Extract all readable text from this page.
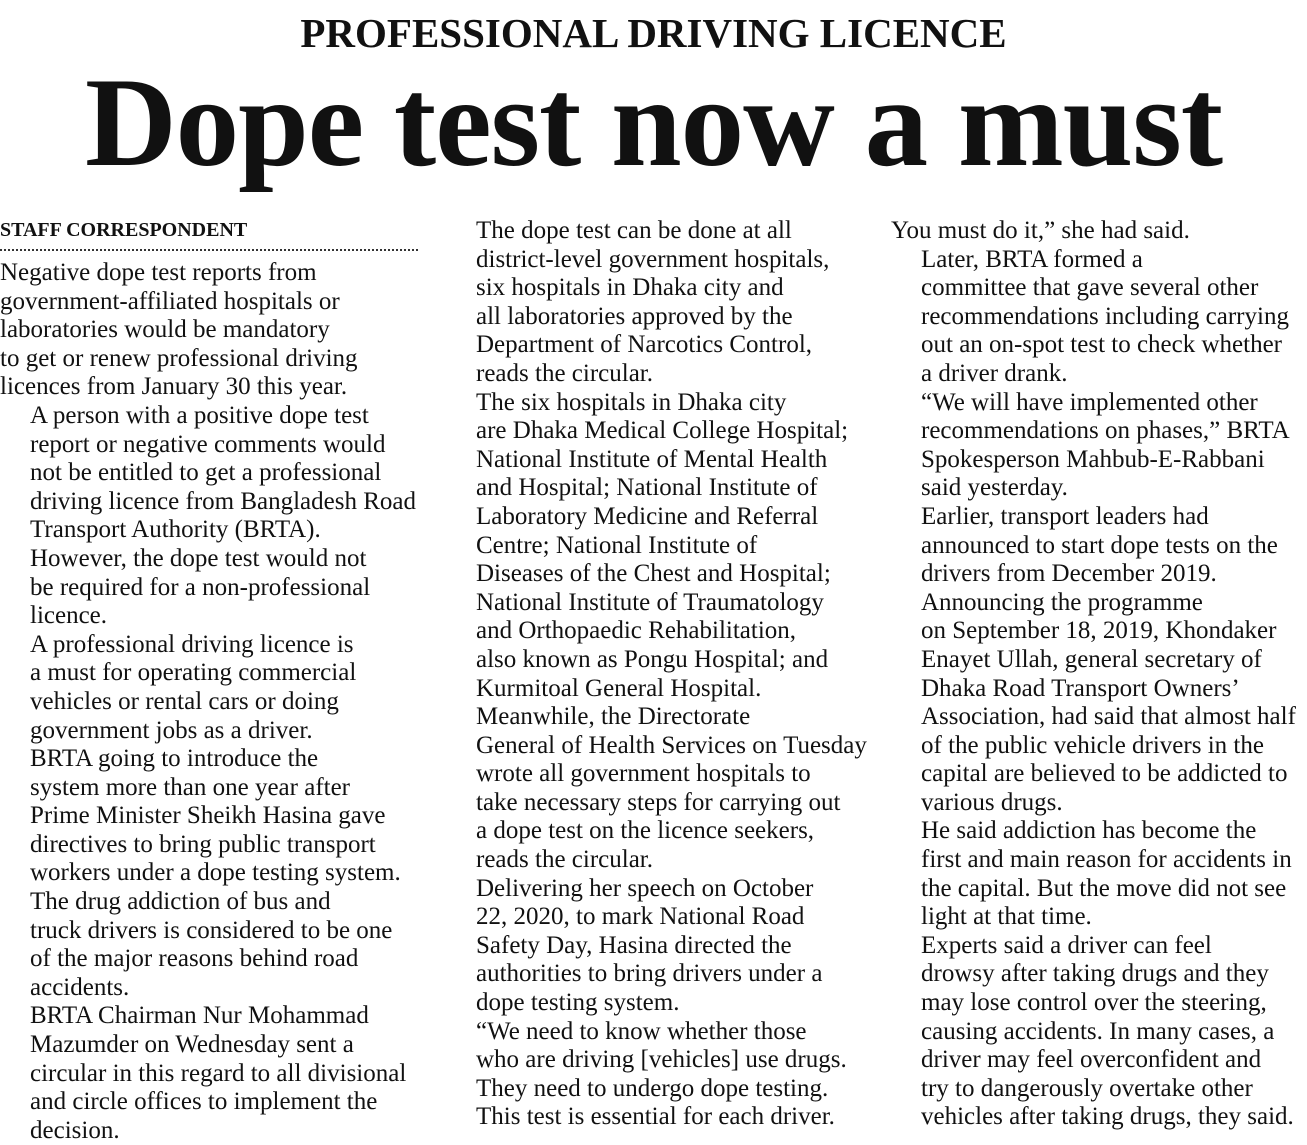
PROFESSIONAL DRIVING LICENCE
Dope test now a must
STAFF CORRESPONDENT

Negative dope test reports from
government-affiliated hospitals or
laboratories would be mandatory
to get or renew professional driving
licences from January 30 this year.

A person with a positive dope test
report or negative comments would
not be entitled to get a professional
driving licence from Bangladesh Road
Transport Authority (BRTA).

However, the dope test would not
be required for a non-professional
licence.

A professional driving licence is
a must for operating commercial
vehicles or rental cars or doing
government jobs as a driver.

BRTA going to introduce the
system more than one year after
Prime Minister Sheikh Hasina gave
directives to bring public transport
workers under a dope testing system.

The drug addiction of bus and
truck drivers is considered to be one
of the major reasons behind road
accidents.

BRTA Chairman Nur Mohammad
Mazumder on Wednesday sent a
circular in this regard to all divisional
and circle offices to implement the
decision.

The dope test can be done at all
district-level government hospitals,
six hospitals in Dhaka city and
all laboratories approved by the
Department of Narcotics Control,
reads the circular.

The six hospitals in Dhaka city
are Dhaka Medical College Hospital;
National Institute of Mental Health
and Hospital; National Institute of
Laboratory Medicine and Referral
Centre; National Institute of
Diseases of the Chest and Hospital;
National Institute of Traumatology
and Orthopaedic Rehabilitation,
also known as Pongu Hospital; and
Kurmitoal General Hospital.

Meanwhile, the Directorate
General of Health Services on Tuesday
wrote all government hospitals to
take necessary steps for carrying out
a dope test on the licence seekers,
reads the circular.

Delivering her speech on October
22, 2020, to mark National Road
Safety Day, Hasina directed the
authorities to bring drivers under a
dope testing system.

“We need to know whether those
who are driving [vehicles] use drugs.
They need to undergo dope testing.
This test is essential for each driver.

You must do it,” she had said.

Later, BRTA formed a
committee that gave several other
recommendations including carrying
out an on-spot test to check whether
a driver drank.

“We will have implemented other
recommendations on phases,” BRTA
Spokesperson Mahbub-E-Rabbani
said yesterday.

Earlier, transport leaders had
announced to start dope tests on the
drivers from December 2019.

Announcing the programme
on September 18, 2019, Khondaker
Enayet Ullah, general secretary of
Dhaka Road Transport Owners’
Association, had said that almost half
of the public vehicle drivers in the
capital are believed to be addicted to
various drugs.

He said addiction has become the
first and main reason for accidents in
the capital. But the move did not see
light at that time.

Experts said a driver can feel
drowsy after taking drugs and they
may lose control over the steering,
causing accidents. In many cases, a
driver may feel overconfident and
try to dangerously overtake other
vehicles after taking drugs, they said.
